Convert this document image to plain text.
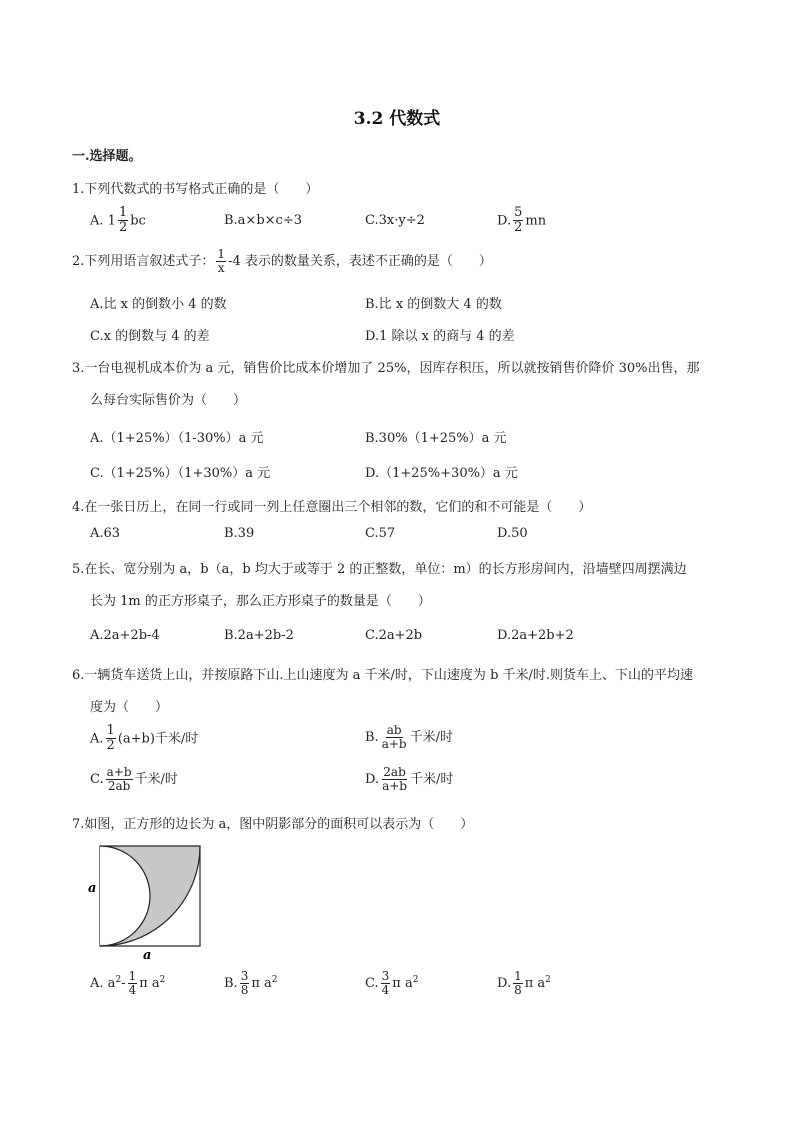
3.2 代数式
一.选择题。
1.下列代数式的书写格式正确的是（　　）
A. $1 \frac{1}{2}$ bc	B.a×b×c÷3	C.3x·y÷2	D. $\frac{5}{2}$ mn
2.下列用语言叙述式子： $\frac{1}{x} -4$ 表示的数量关系，表述不正确的是（　　）
A.比 x 的倒数小 4 的数	B.比 x 的倒数大 4 的数
C.x 的倒数与 4 的差	D.1 除以 x 的商与 4 的差
3.一台电视机成本价为 a 元，销售价比成本价增加了 25%，因库存积压，所以就按销售价降价 30%出售，那
么每台实际售价为（　　）
A.（1+25%）（1-30%）a 元	B.30%（1+25%）a 元
C.（1+25%）（1+30%）a 元	D.（1+25%+30%）a 元
4.在一张日历上，在同一行或同一列上任意圈出三个相邻的数，它们的和不可能是（　　）
A.63	B.39	C.57	D.50
5.在长、宽分别为 a，b（a，b 均大于或等于 2 的正整数，单位：m）的长方形房间内，沿墙壁四周摆满边
长为 1m 的正方形桌子，那么正方形桌子的数量是（　　）
A.2a+2b-4	B.2a+2b-2	C.2a+2b	D.2a+2b+2
6.一辆货车送货上山，并按原路下山.上山速度为 a 千米/时，下山速度为 b 千米/时.则货车上、下山的平均速
度为（　　）
A. $\frac{1}{2} (a+b)$千米/时	B. $\frac{ab}{a+b}$ 千米/时
C. $\frac{a+b}{2ab}$ 千米/时	D. $\frac{2ab}{a+b}$ 千米/时
7.如图，正方形的边长为 a，图中阴影部分的面积可以表示为（　　）
a
a
A. $a^2- \frac{1}{4}$ π $a^2$	B. $\frac{3}{8}$ π $a^2$	C. $\frac{3}{4}$ π $a^2$	D. $\frac{1}{8}$ π $a^2$
